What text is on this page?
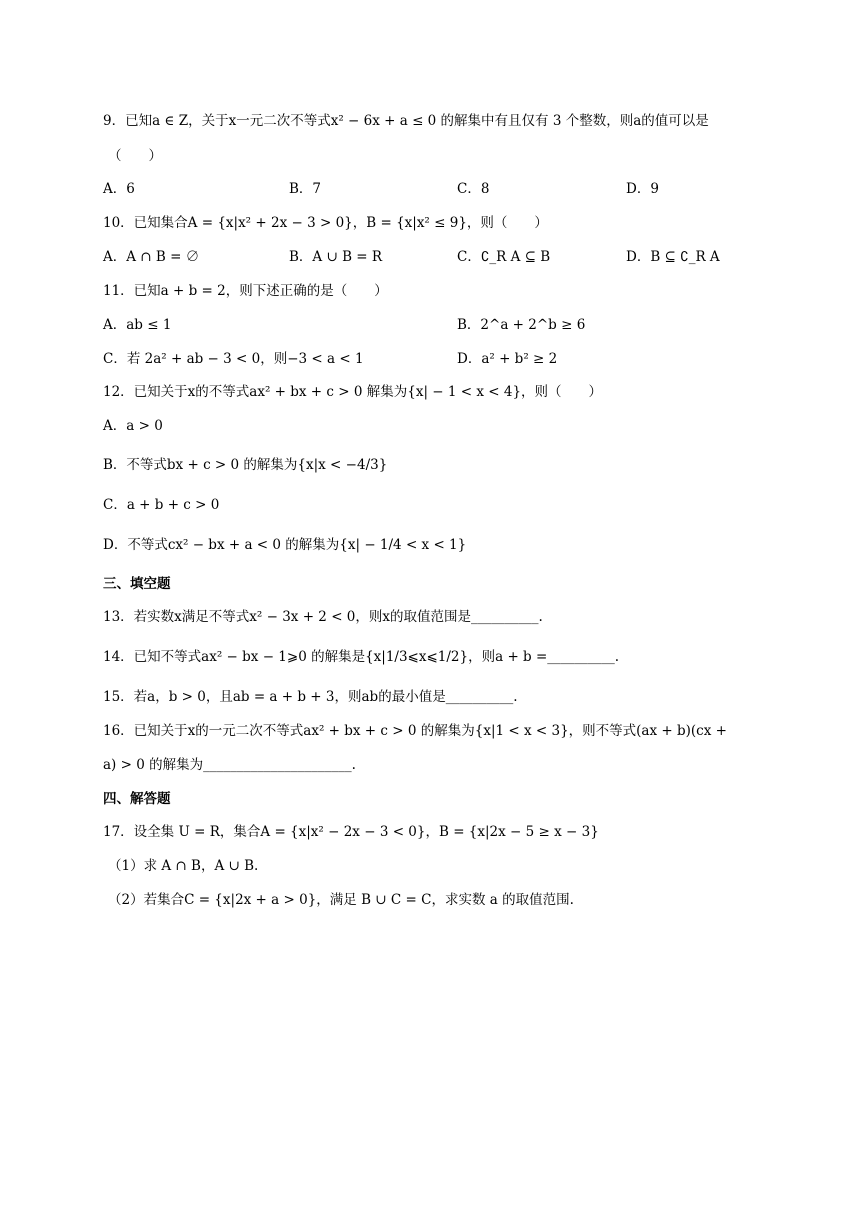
9．已知a ∈ Z，关于x一元二次不等式x² − 6x + a ≤ 0 的解集中有且仅有 3 个整数，则a的值可以是
（　　）
A．6	B．7	C．8	D．9
10．已知集合A = {x|x² + 2x − 3 > 0}，B = {x|x² ≤ 9}，则（　　）
A．A ∩ B = ∅	B．A ∪ B = R	C．∁_R A ⊆ B	D．B ⊆ ∁_R A
11．已知a + b = 2，则下述正确的是（　　）
A．ab ≤ 1	B．2^a + 2^b ≥ 6
C．若 2a² + ab − 3 < 0，则−3 < a < 1	D．a² + b² ≥ 2
12．已知关于x的不等式ax² + bx + c > 0 解集为{x| − 1 < x < 4}，则（　　）
A．a > 0
B．不等式bx + c > 0 的解集为{x|x < −4/3}
C．a + b + c > 0
D．不等式cx² − bx + a < 0 的解集为{x| − 1/4 < x < 1}
三、填空题
13．若实数x满足不等式x² − 3x + 2 < 0，则x的取值范围是__________.
14．已知不等式ax² − bx − 1⩾0 的解集是{x|1/3⩽x⩽1/2}，则a + b =__________.
15．若a，b > 0，且ab = a + b + 3，则ab的最小值是__________.
16．已知关于x的一元二次不等式ax² + bx + c > 0 的解集为{x|1 < x < 3}，则不等式(ax + b)(cx +
a) > 0 的解集为______________________.
四、解答题
17．设全集 U = R，集合A = {x|x² − 2x − 3 < 0}，B = {x|2x − 5 ≥ x − 3}
（1）求 A ∩ B，A ∪ B.
（2）若集合C = {x|2x + a > 0}，满足 B ∪ C = C，求实数 a 的取值范围.
